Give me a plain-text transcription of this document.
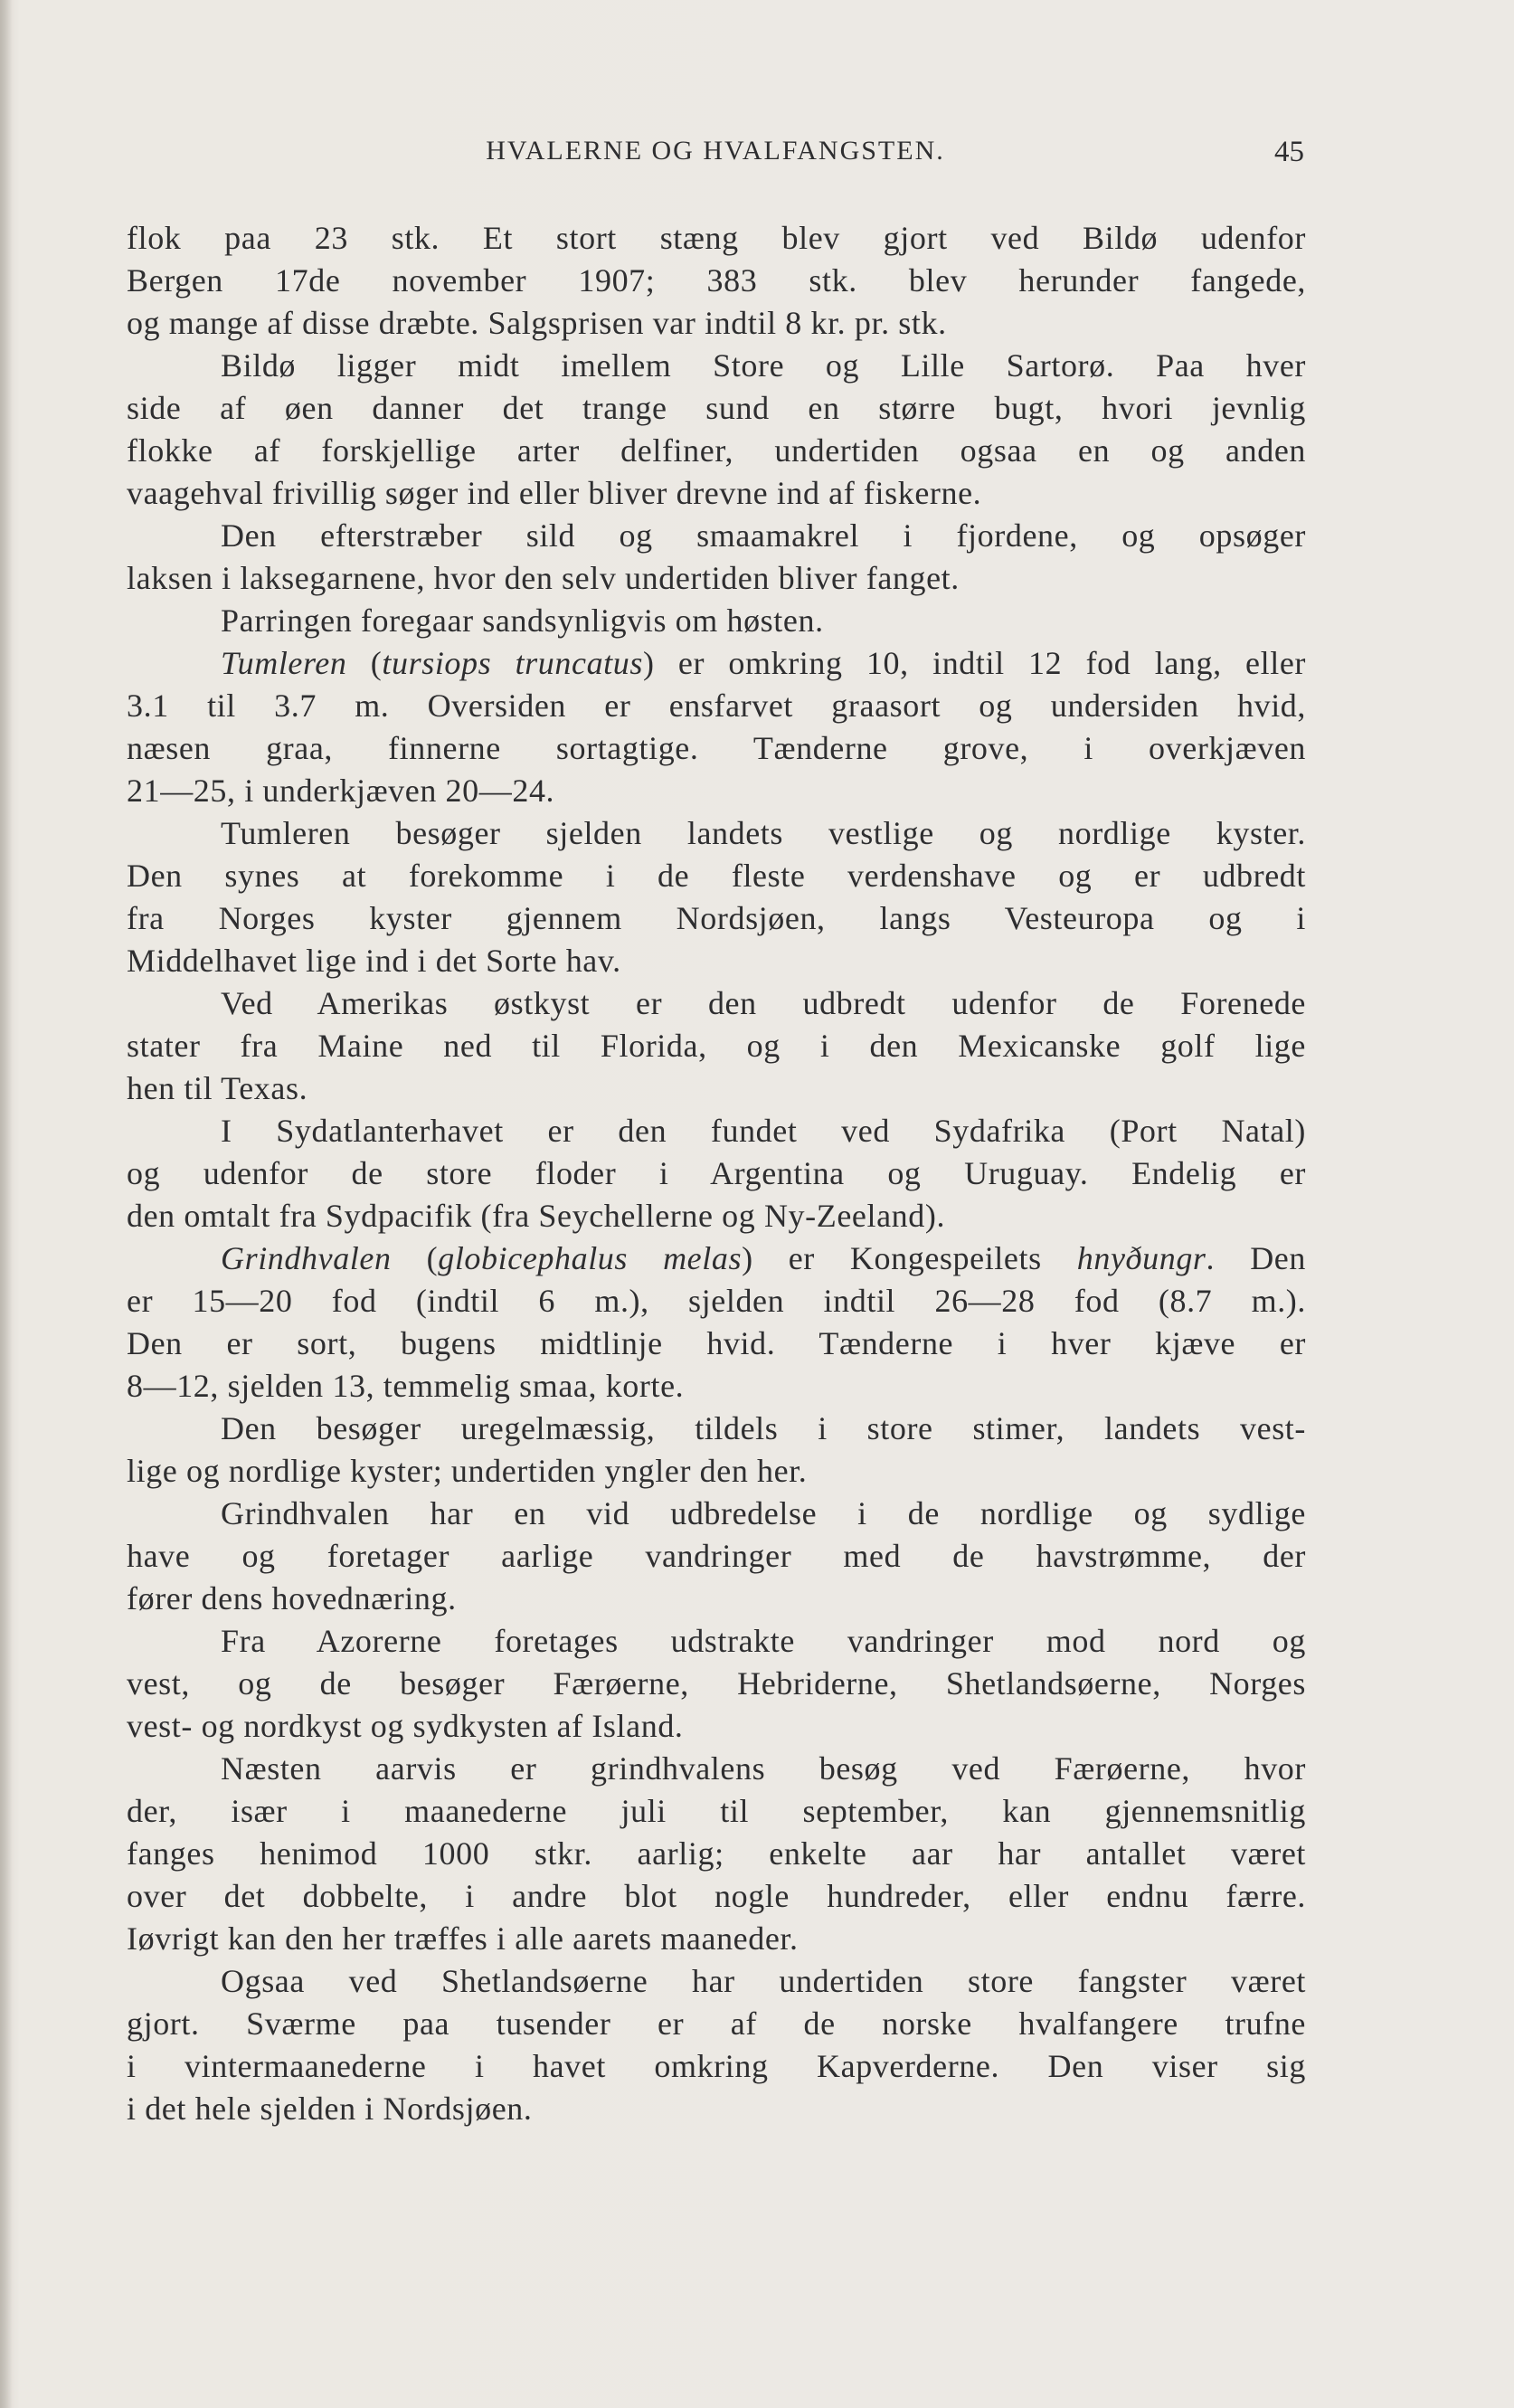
HVALERNE OG HVALFANGSTEN.	45
flok paa 23 stk. Et stort stæng blev gjort ved Bildø udenfor
Bergen 17de november 1907; 383 stk. blev herunder fangede,
og mange af disse dræbte. Salgsprisen var indtil 8 kr. pr. stk.
Bildø ligger midt imellem Store og Lille Sartorø. Paa hver
side af øen danner det trange sund en større bugt, hvori jevnlig
flokke af forskjellige arter delfiner, undertiden ogsaa en og anden
vaagehval frivillig søger ind eller bliver drevne ind af fiskerne.
Den efterstræber sild og smaamakrel i fjordene, og opsøger
laksen i laksegarnene, hvor den selv undertiden bliver fanget.
Parringen foregaar sandsynligvis om høsten.
Tumleren (tursiops truncatus) er omkring 10, indtil 12 fod lang, eller
3.1 til 3.7 m. Oversiden er ensfarvet graasort og undersiden hvid,
næsen graa, finnerne sortagtige. Tænderne grove, i overkjæven
21—25, i underkjæven 20—24.
Tumleren besøger sjelden landets vestlige og nordlige kyster.
Den synes at forekomme i de fleste verdenshave og er udbredt
fra Norges kyster gjennem Nordsjøen, langs Vesteuropa og i
Middelhavet lige ind i det Sorte hav.
Ved Amerikas østkyst er den udbredt udenfor de Forenede
stater fra Maine ned til Florida, og i den Mexicanske golf lige
hen til Texas.
I Sydatlanterhavet er den fundet ved Sydafrika (Port Natal)
og udenfor de store floder i Argentina og Uruguay. Endelig er
den omtalt fra Sydpacifik (fra Seychellerne og Ny-Zeeland).
Grindhvalen (globicephalus melas) er Kongespeilets hnyðungr. Den
er 15—20 fod (indtil 6 m.), sjelden indtil 26—28 fod (8.7 m.).
Den er sort, bugens midtlinje hvid. Tænderne i hver kjæve er
8—12, sjelden 13, temmelig smaa, korte.
Den besøger uregelmæssig, tildels i store stimer, landets vest-
lige og nordlige kyster; undertiden yngler den her.
Grindhvalen har en vid udbredelse i de nordlige og sydlige
have og foretager aarlige vandringer med de havstrømme, der
fører dens hovednæring.
Fra Azorerne foretages udstrakte vandringer mod nord og
vest, og de besøger Færøerne, Hebriderne, Shetlandsøerne, Norges
vest- og nordkyst og sydkysten af Island.
Næsten aarvis er grindhvalens besøg ved Færøerne, hvor
der, især i maanederne juli til september, kan gjennemsnitlig
fanges henimod 1000 stkr. aarlig; enkelte aar har antallet været
over det dobbelte, i andre blot nogle hundreder, eller endnu færre.
Iøvrigt kan den her træffes i alle aarets maaneder.
Ogsaa ved Shetlandsøerne har undertiden store fangster været
gjort. Sværme paa tusender er af de norske hvalfangere trufne
i vintermaanederne i havet omkring Kapverderne. Den viser sig
i det hele sjelden i Nordsjøen.
